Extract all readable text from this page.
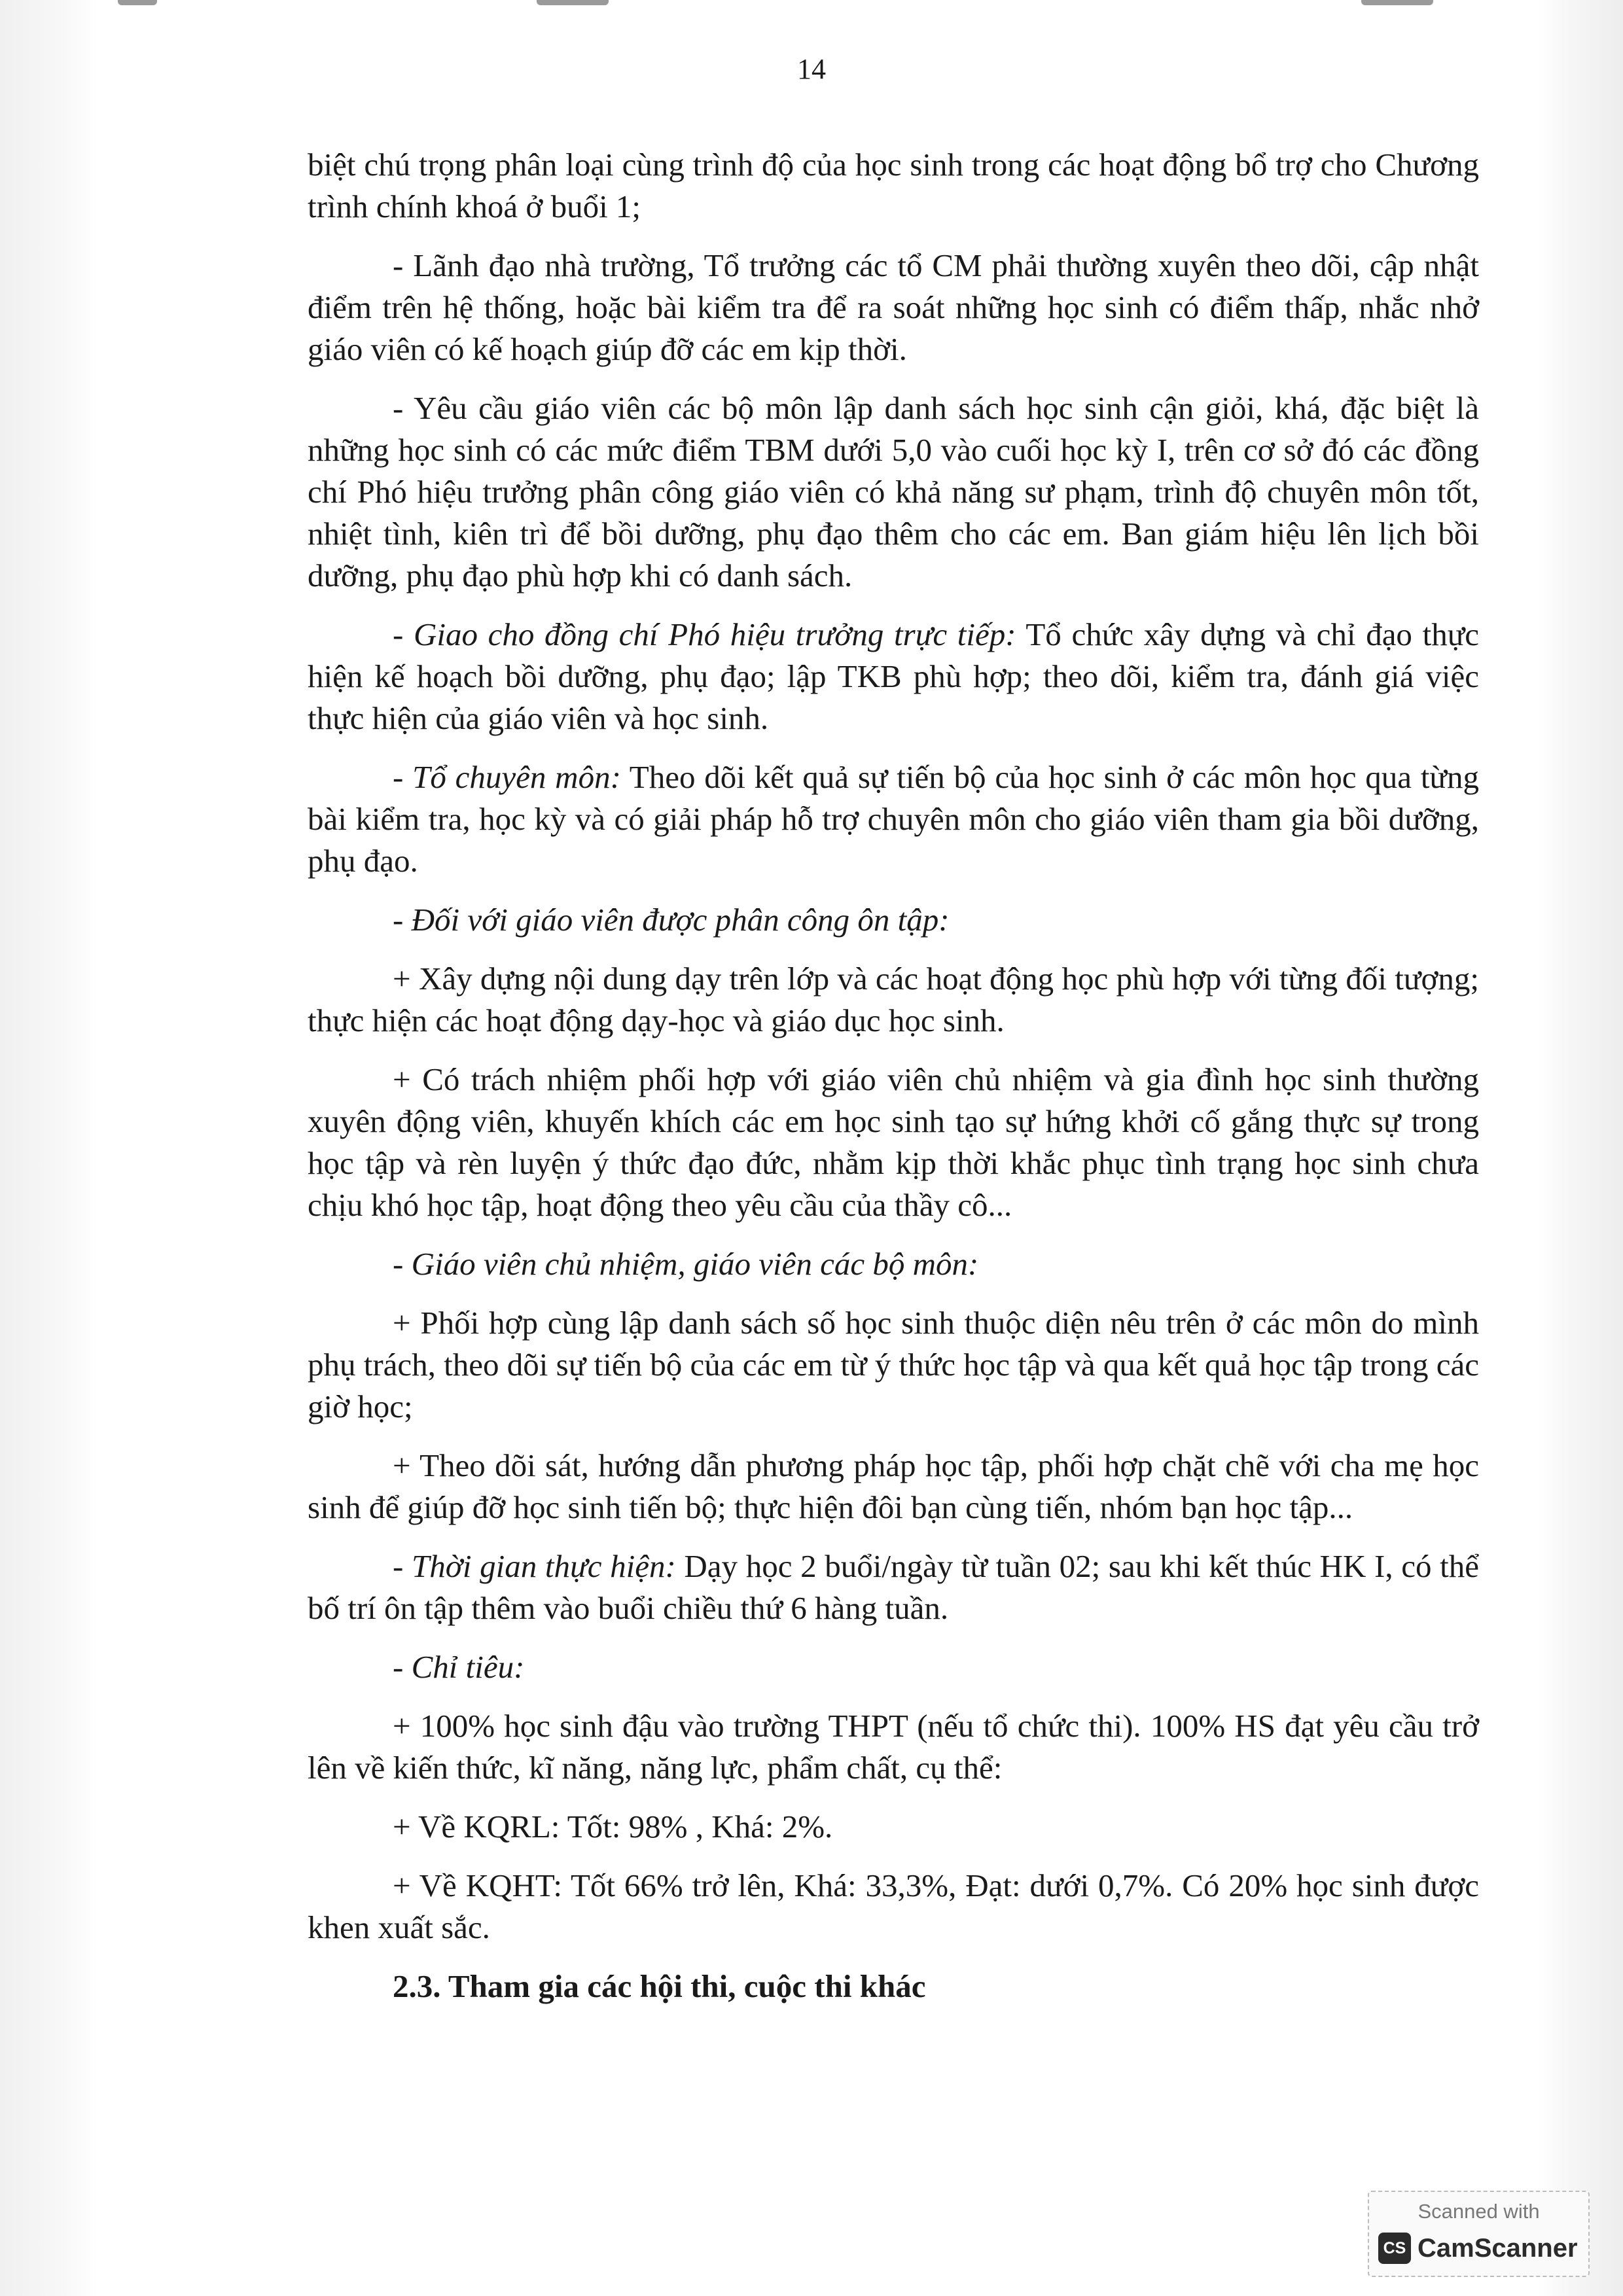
14

biệt chú trọng phân loại cùng trình độ của học sinh trong các hoạt động bổ trợ cho Chương trình chính khoá ở buổi 1;

- Lãnh đạo nhà trường, Tổ trưởng các tổ CM phải thường xuyên theo dõi, cập nhật điểm trên hệ thống, hoặc bài kiểm tra để ra soát những học sinh có điểm thấp, nhắc nhở giáo viên có kế hoạch giúp đỡ các em kịp thời.

- Yêu cầu giáo viên các bộ môn lập danh sách học sinh cận giỏi, khá, đặc biệt là những học sinh có các mức điểm TBM dưới 5,0 vào cuối học kỳ I, trên cơ sở đó các đồng chí Phó hiệu trưởng phân công giáo viên có khả năng sư phạm, trình độ chuyên môn tốt, nhiệt tình, kiên trì để bồi dưỡng, phụ đạo thêm cho các em. Ban giám hiệu lên lịch bồi dưỡng, phụ đạo phù hợp khi có danh sách.

- Giao cho đồng chí Phó hiệu trưởng trực tiếp: Tổ chức xây dựng và chỉ đạo thực hiện kế hoạch bồi dưỡng, phụ đạo; lập TKB phù hợp; theo dõi, kiểm tra, đánh giá việc thực hiện của giáo viên và học sinh.

- Tổ chuyên môn: Theo dõi kết quả sự tiến bộ của học sinh ở các môn học qua từng bài kiểm tra, học kỳ và có giải pháp hỗ trợ chuyên môn cho giáo viên tham gia bồi dưỡng, phụ đạo.

- Đối với giáo viên được phân công ôn tập:

+ Xây dựng nội dung dạy trên lớp và các hoạt động học phù hợp với từng đối tượng; thực hiện các hoạt động dạy-học và giáo dục học sinh.

+ Có trách nhiệm phối hợp với giáo viên chủ nhiệm và gia đình học sinh thường xuyên động viên, khuyến khích các em học sinh tạo sự hứng khởi cố gắng thực sự trong học tập và rèn luyện ý thức đạo đức, nhằm kịp thời khắc phục tình trạng học sinh chưa chịu khó học tập, hoạt động theo yêu cầu của thầy cô...

- Giáo viên chủ nhiệm, giáo viên các bộ môn:

+ Phối hợp cùng lập danh sách số học sinh thuộc diện nêu trên ở các môn do mình phụ trách, theo dõi sự tiến bộ của các em từ ý thức học tập và qua kết quả học tập trong các giờ học;

+ Theo dõi sát, hướng dẫn phương pháp học tập, phối hợp chặt chẽ với cha mẹ học sinh để giúp đỡ học sinh tiến bộ; thực hiện đôi bạn cùng tiến, nhóm bạn học tập...

- Thời gian thực hiện: Dạy học 2 buổi/ngày từ tuần 02; sau khi kết thúc HK I, có thể bố trí ôn tập thêm vào buổi chiều thứ 6 hàng tuần.

- Chỉ tiêu:

+ 100% học sinh đậu vào trường THPT (nếu tổ chức thi). 100% HS đạt yêu cầu trở lên về kiến thức, kĩ năng, năng lực, phẩm chất, cụ thể:

+ Về KQRL: Tốt: 98% , Khá: 2%.

+ Về KQHT: Tốt 66% trở lên, Khá: 33,3%, Đạt: dưới 0,7%. Có 20% học sinh được khen xuất sắc.

2.3. Tham gia các hội thi, cuộc thi khác

Scanned with
CS CamScanner
